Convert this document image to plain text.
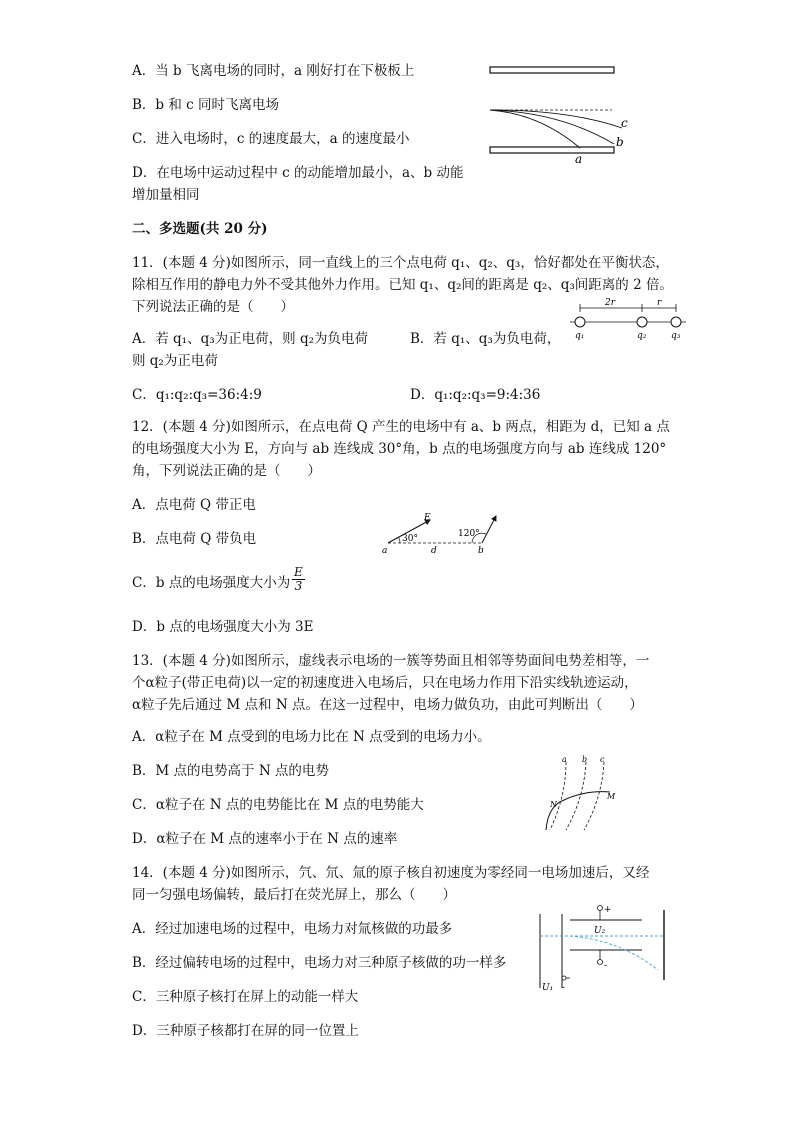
A．当 b 飞离电场的同时，a 刚好打在下极板上
B．b 和 c 同时飞离电场
C．进入电场时，c 的速度最大，a 的速度最小
D．在电场中运动过程中 c 的动能增加最小，a、b 动能
增加量相同
c
b
a
二、多选题(共 20 分)
11．(本题 4 分)如图所示，同一直线上的三个点电荷 q₁、q₂、q₃，恰好都处在平衡状态，
除相互作用的静电力外不受其他外力作用。已知 q₁、q₂间的距离是 q₂、q₃间距离的 2 倍。
下列说法正确的是（　　）
A．若 q₁、q₃为正电荷，则 q₂为负电荷	B．若 q₁、q₃为负电荷，
则 q₂为正电荷
C．q₁:q₂:q₃=36:4:9	D．q₁:q₂:q₃=9:4:36
2r	r
q₁	q₂	q₃
12．(本题 4 分)如图所示，在点电荷 Q 产生的电场中有 a、b 两点，相距为 d，已知 a 点
的电场强度大小为 E，方向与 ab 连线成 30°角，b 点的电场强度方向与 ab 连线成 120°
角，下列说法正确的是（　　）
A．点电荷 Q 带正电
B．点电荷 Q 带负电
C．b 点的电场强度大小为 $\frac{E}{3}$
D．b 点的电场强度大小为 3E
E
30°	120°
a	d	b
13．(本题 4 分)如图所示，虚线表示电场的一簇等势面且相邻等势面间电势差相等，一
个α粒子(带正电荷)以一定的初速度进入电场后，只在电场力作用下沿实线轨迹运动，
α粒子先后通过 M 点和 N 点。在这一过程中，电场力做负功，由此可判断出（　　）
A．α粒子在 M 点受到的电场力比在 N 点受到的电场力小。
B．M 点的电势高于 N 点的电势
C．α粒子在 N 点的电势能比在 M 点的电势能大
D．α粒子在 M 点的速率小于在 N 点的速率
a b c
N
M
14．(本题 4 分)如图所示，氕、氘、氚的原子核自初速度为零经同一电场加速后，又经
同一匀强电场偏转，最后打在荧光屏上，那么（　　）
A．经过加速电场的过程中，电场力对氚核做的功最多
B．经过偏转电场的过程中，电场力对三种原子核做的功一样多
C．三种原子核打在屏上的动能一样大
D．三种原子核都打在屏的同一位置上
+
-
U₂
U₁ -
